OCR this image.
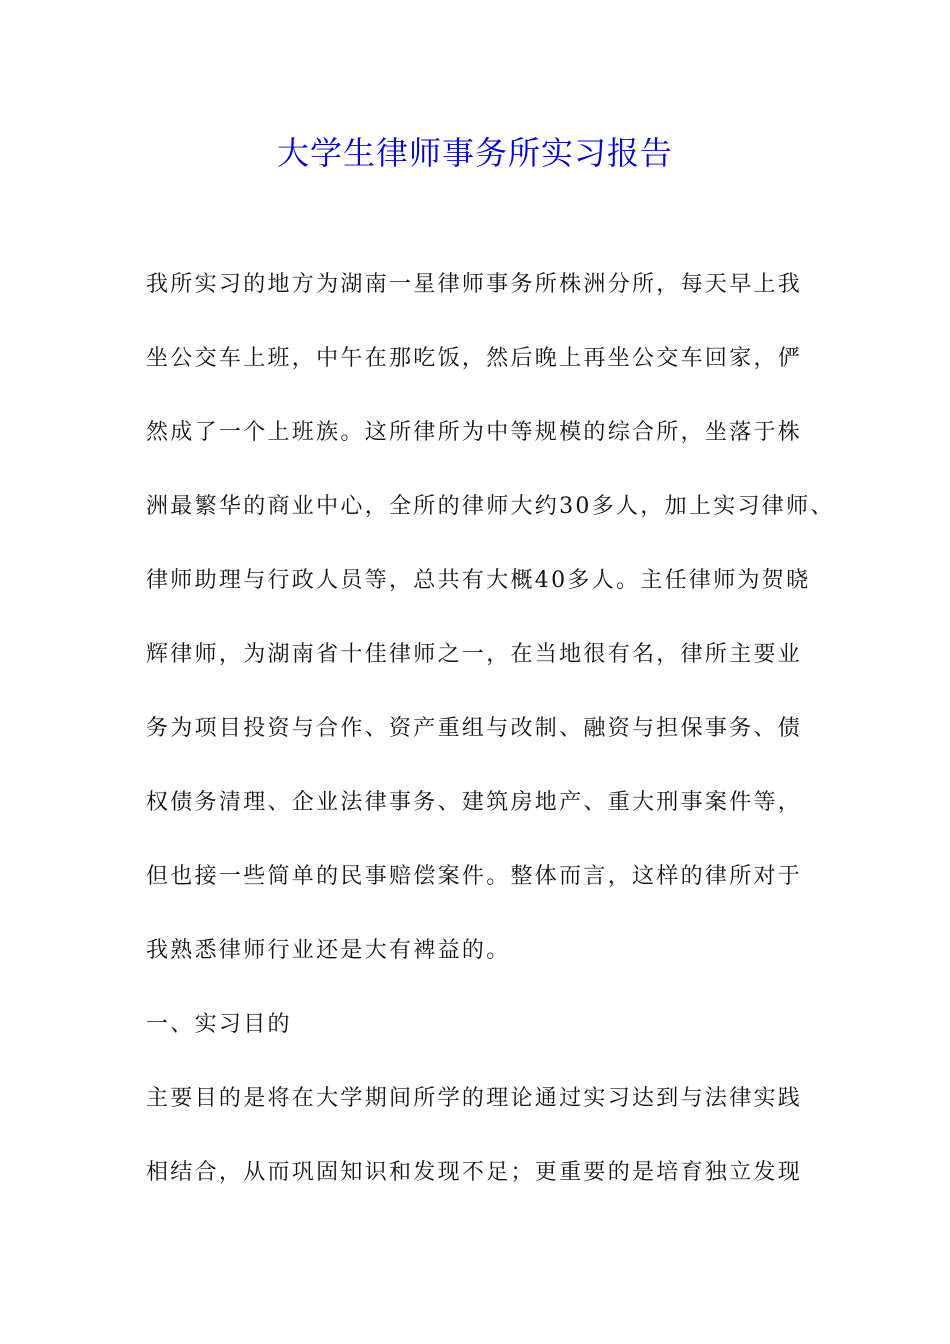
大学生律师事务所实习报告
我所实习的地方为湖南一星律师事务所株洲分所，每天早上我
坐公交车上班，中午在那吃饭，然后晚上再坐公交车回家，俨
然成了一个上班族。这所律所为中等规模的综合所，坐落于株
洲最繁华的商业中心，全所的律师大约30多人，加上实习律师、
律师助理与行政人员等，总共有大概40多人。主任律师为贺晓
辉律师，为湖南省十佳律师之一，在当地很有名，律所主要业
务为项目投资与合作、资产重组与改制、融资与担保事务、债
权债务清理、企业法律事务、建筑房地产、重大刑事案件等，
但也接一些简单的民事赔偿案件。整体而言，这样的律所对于
我熟悉律师行业还是大有裨益的。
一、实习目的
主要目的是将在大学期间所学的理论通过实习达到与法律实践
相结合，从而巩固知识和发现不足；更重要的是培育独立发现
